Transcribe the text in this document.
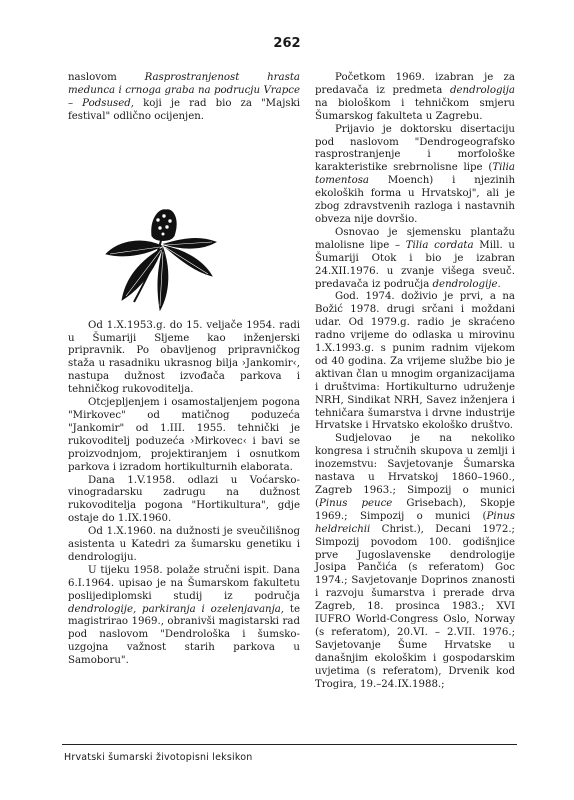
262

naslovom Rasprostranjenost hrasta medunca i crnoga graba na podrucju Vrapce – Podsused, koji je rad bio za "Majski festival" odlično ocijenjen.

Od 1.X.1953.g. do 15. veljače 1954. radi u Šumariji Sljeme kao inženjerski pripravnik. Po obavljenog pripravničkog staža u rasadniku ukrasnog bilja ›Jankomir‹, nastupa dužnost izvođača parkova i tehničkog rukovoditelja.

Otcjepljenjem i osamostaljenjem pogona "Mirkovec" od matičnog poduzeća "Jankomir" od 1.III. 1955. tehnički je rukovoditelj poduzeća ›Mirkovec‹ i bavi se proizvodnjom, projektiranjem i osnutkom parkova i izradom hortikulturnih elaborata.

Dana 1.V.1958. odlazi u Voćarsko-vinogradarsku zadrugu na dužnost rukovoditelja pogona "Hortikultura", gdje ostaje do 1.IX.1960.

Od 1.X.1960. na dužnosti je sveučilišnog asistenta u Katedri za šumarsku genetiku i dendrologiju.

U tijeku 1958. polaže stručni ispit. Dana 6.I.1964. upisao je na Šumarskom fakultetu poslijediplomski studij iz područja dendrologije, parkiranja i ozelenjavanja, te magistrirao 1969., obranivši magistarski rad pod naslovom "Dendrološka i šumsko-uzgojna važnost starih parkova u Samoboru".

Početkom 1969. izabran je za predavača iz predmeta dendrologija na biološkom i tehničkom smjeru Šumarskog fakulteta u Zagrebu.

Prijavio je doktorsku disertaciju pod naslovom "Dendrogeografsko rasprostranjenje i morfološke karakteristike srebrnolisne lipe (Tilia tomentosa Moench) i njezinih ekoloških forma u Hrvatskoj", ali je zbog zdravstvenih razloga i nastavnih obveza nije dovršio.

Osnovao je sjemensku plantažu malolisne lipe – Tilia cordata Mill. u Šumariji Otok i bio je izabran 24.XII.1976. u zvanje višega sveuč. predavača iz područja dendrologije.

God. 1974. doživio je prvi, a na Božić 1978. drugi srčani i moždani udar. Od 1979.g. radio je skraćeno radno vrijeme do odlaska u mirovinu 1.X.1993.g. s punim radnim vijekom od 40 godina. Za vrijeme službe bio je aktivan član u mnogim organizacijama i društvima: Hortikulturno udruženje NRH, Sindikat NRH, Savez inženjera i tehničara šumarstva i drvne industrije Hrvatske i Hrvatsko ekološko društvo.

Sudjelovao je na nekoliko kongresa i stručnih skupova u zemlji i inozemstvu: Savjetovanje Šumarska nastava u Hrvatskoj 1860–1960., Zagreb 1963.; Simpozij o munici (Pinus peuce Grisebach), Skopje 1969.; Simpozij o munici (Pinus heldreichii Christ.), Decani 1972.; Simpozij povodom 100. godišnjice prve Jugoslavenske dendrologije Josipa Pančića (s referatom) Goc 1974.; Savjetovanje Doprinos znanosti i razvoju šumarstva i prerade drva Zagreb, 18. prosinca 1983.; XVI IUFRO World-Congress Oslo, Norway (s referatom), 20.VI. – 2.VII. 1976.; Savjetovanje Šume Hrvatske u današnjim ekološkim i gospodarskim uvjetima (s referatom), Drvenik kod Trogira, 19.–24.IX.1988.;

Hrvatski šumarski životopisni leksikon
